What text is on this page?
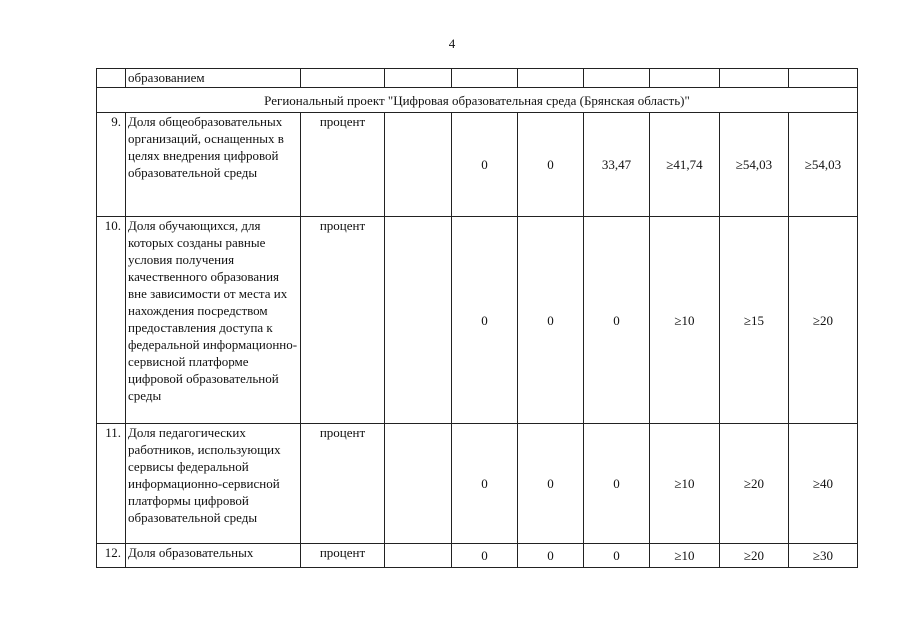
4
	образованием								
Региональный проект "Цифровая образовательная среда (Брянская область)"									
9.	Доля общеобразовательных организаций, оснащенных в целях внедрения цифровой образовательной среды	процент		0	0	33,47	≥41,74	≥54,03	≥54,03
10.	Доля обучающихся, для которых созданы равные условия получения качественного образования вне зависимости от места их нахождения посредством предоставления доступа к федеральной информационно-сервисной платформе цифровой образовательной среды	процент		0	0	0	≥10	≥15	≥20
11.	Доля педагогических работников, использующих сервисы федеральной информационно-сервисной платформы цифровой образовательной среды	процент		0	0	0	≥10	≥20	≥40
12.	Доля образовательных	процент		0	0	0	≥10	≥20	≥30
